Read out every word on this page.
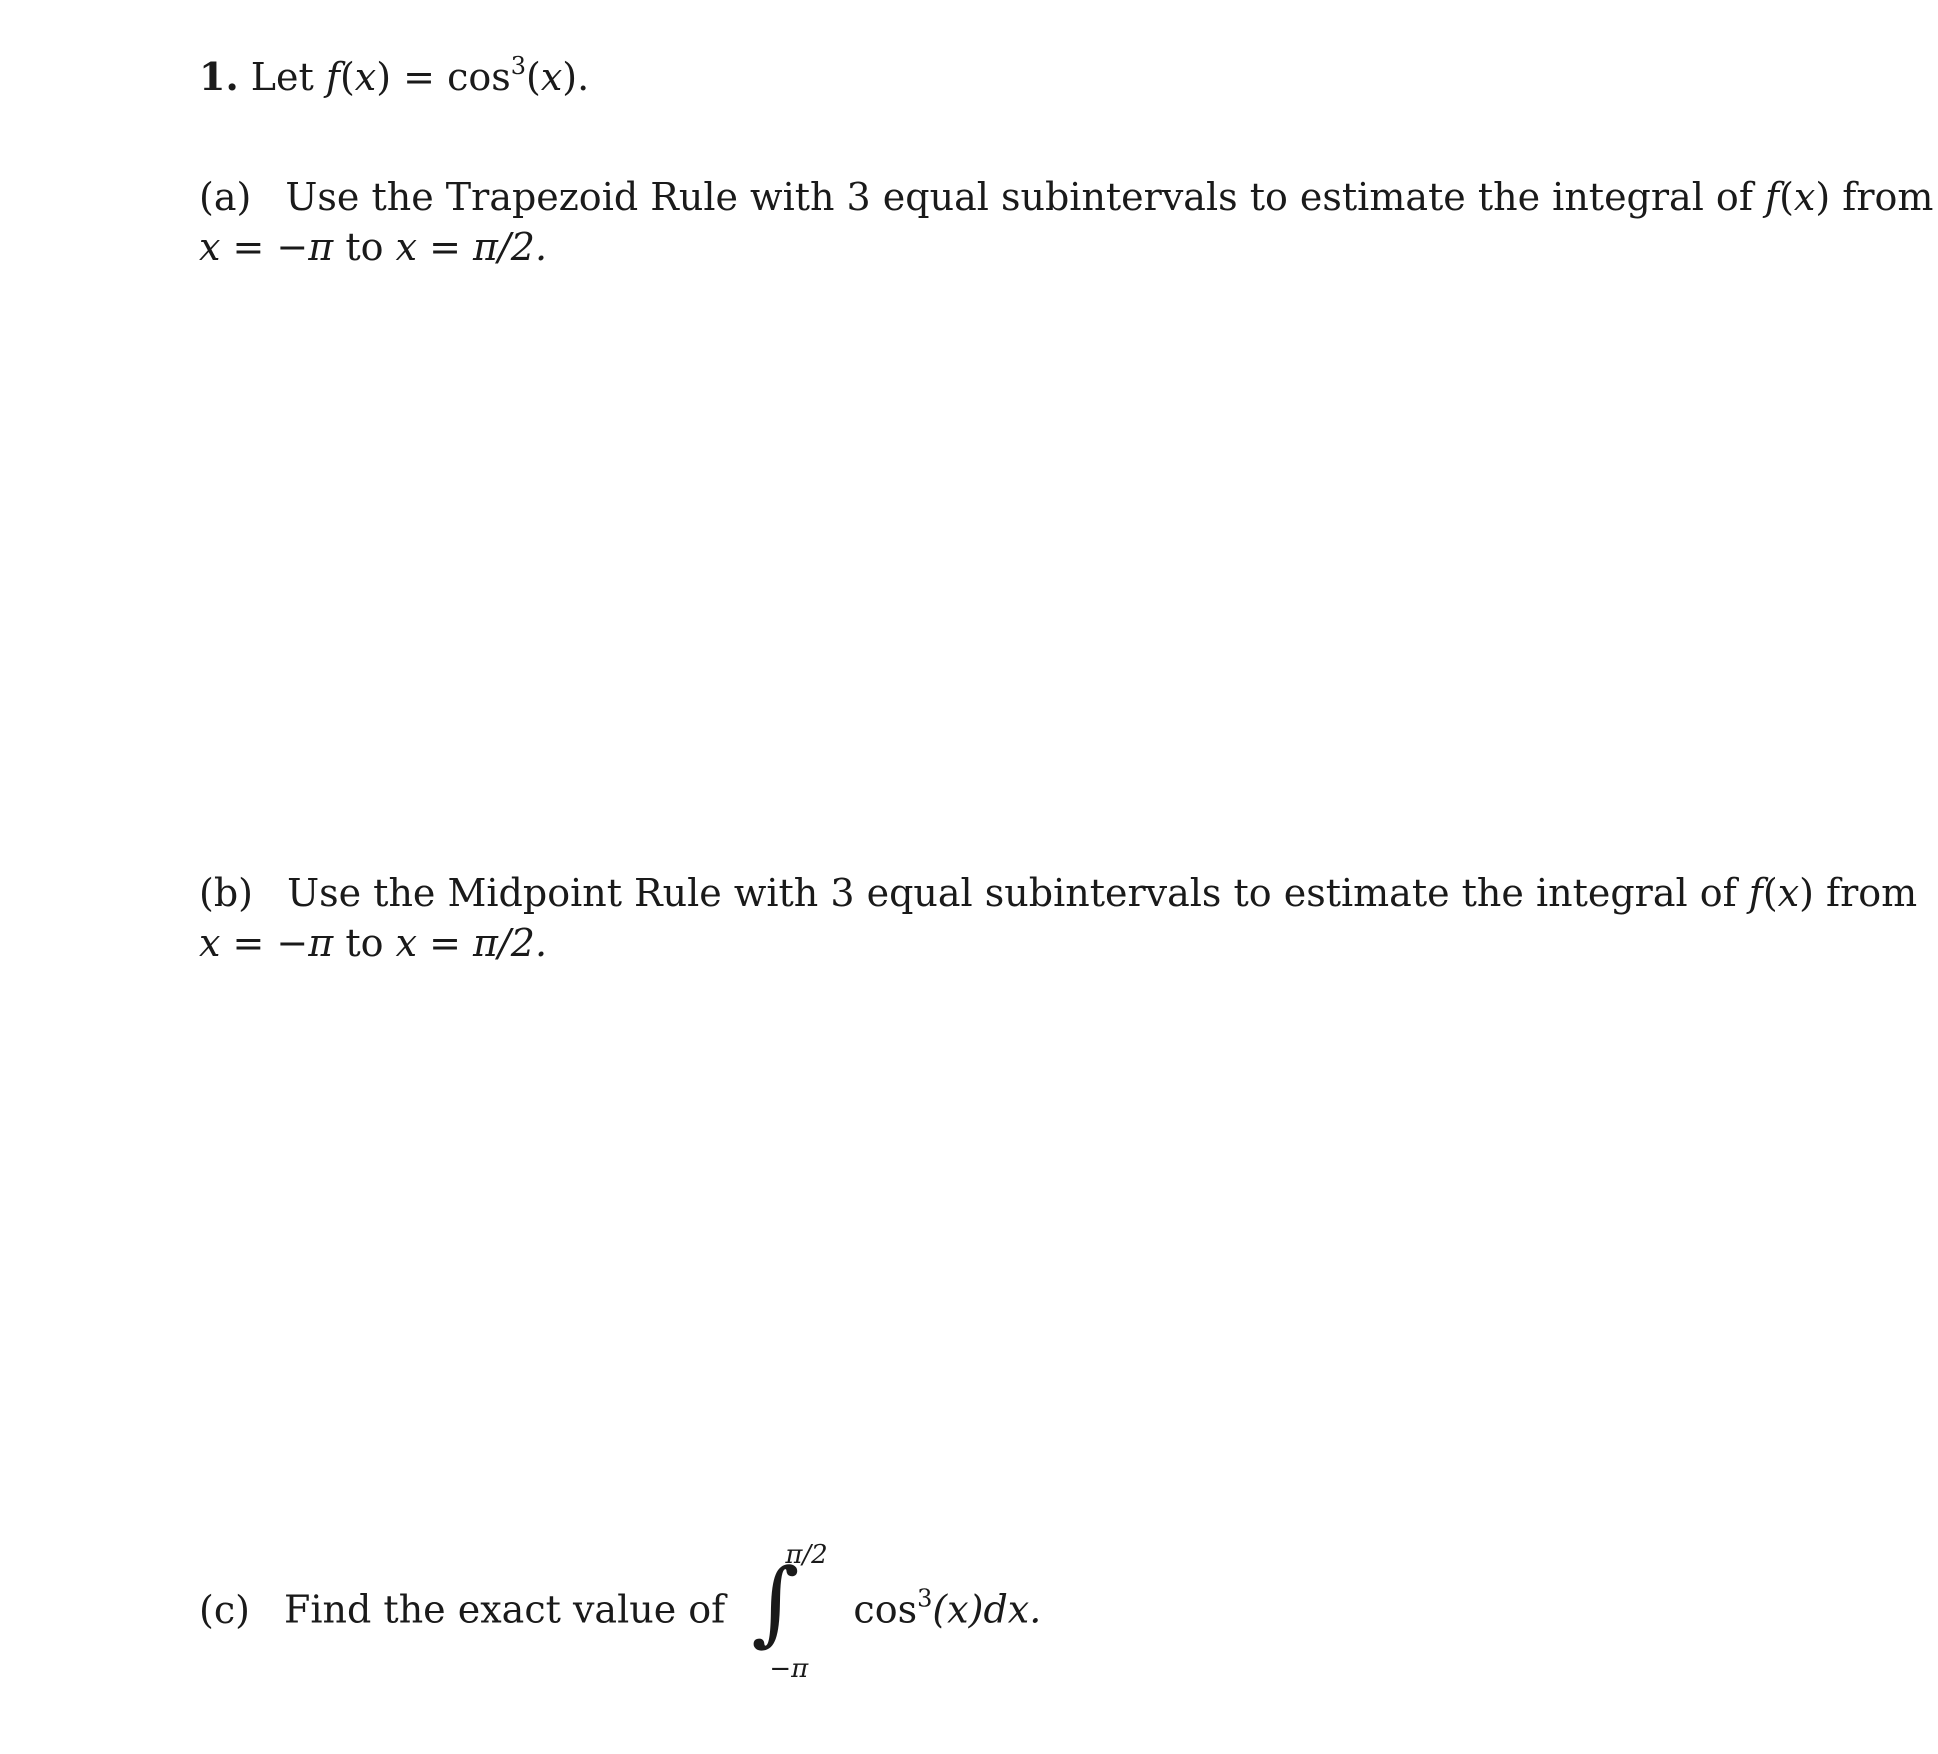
1. Let $f(x) = \cos^3(x)$.
(a) Use the Trapezoid Rule with 3 equal subintervals to estimate the integral of f(x) from
x = −π to x = π/2.
(b) Use the Midpoint Rule with 3 equal subintervals to estimate the integral of f(x) from
x = −π to x = π/2.
(c) Find the exact value of ∫
π/2
−π
$\cos^3(x)dx$.
